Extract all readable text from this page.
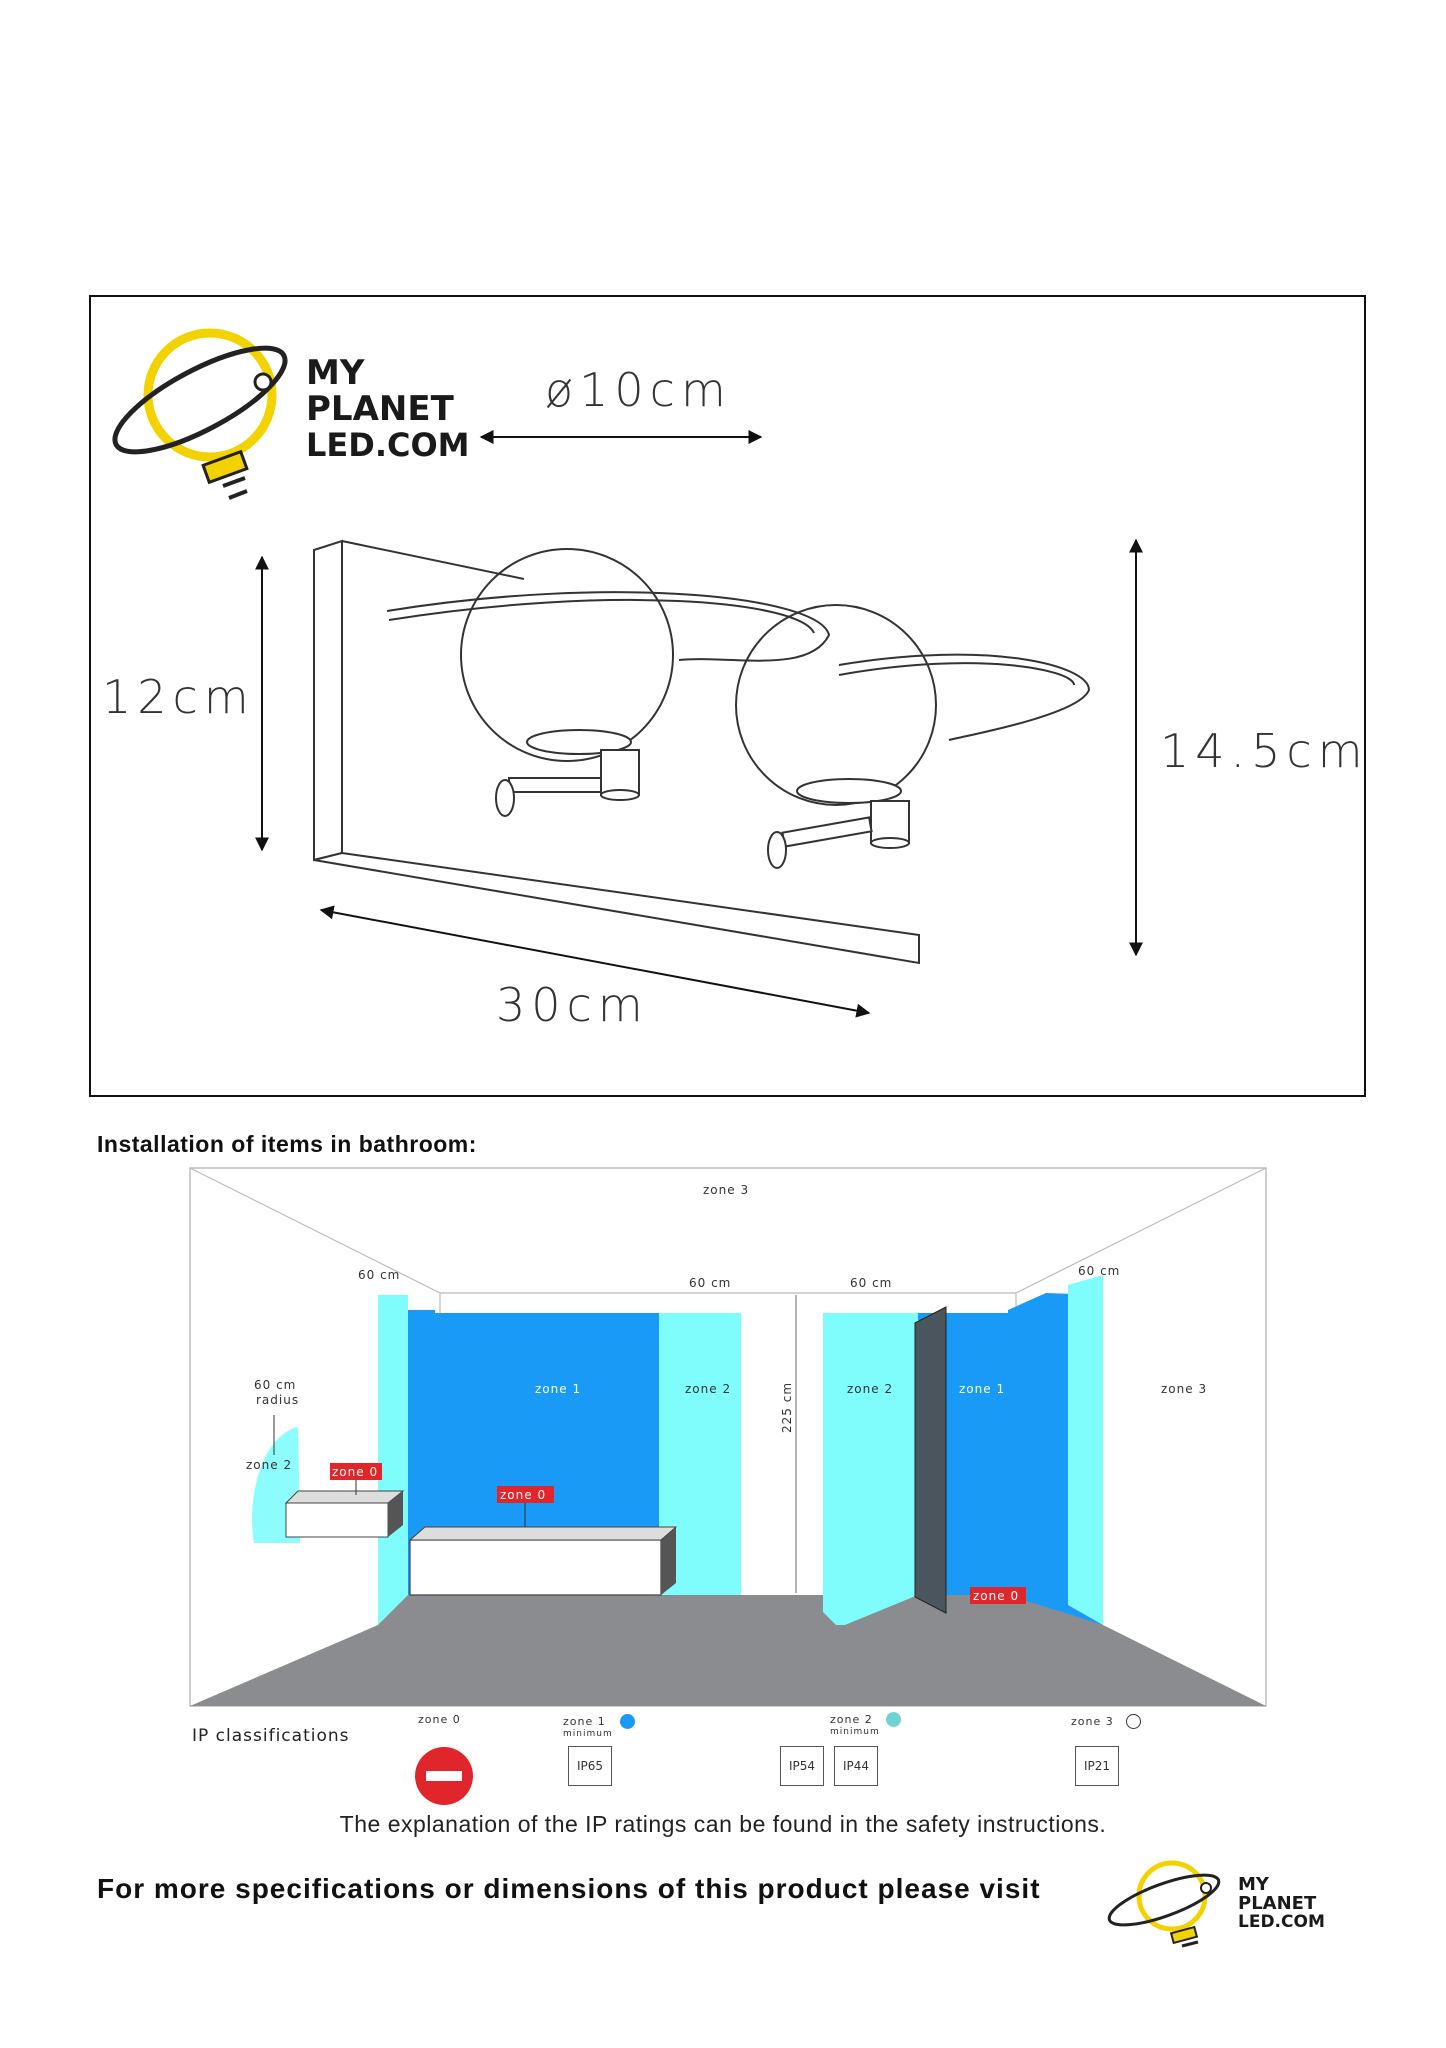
MY
PLANET
LED.COM
ø10cm
12cm
14.5cm
30cm
Installation of items in bathroom:
zone 3
zone 3
zone 1	zone 2	zone 2	zone 1
zone 2	zone 0
zone 0
zone 0
60 cm
60 cm	60 cm
60 cm
60 cm
radius	225 cm
IP classifications
zone 0	zone 1
minimum
IP65
zone 2
minimum
IP54	IP44
zone 3
IP21
The explanation of the IP ratings can be found in the safety instructions.
For more specifications or dimensions of this product please visit	MY
PLANET
LED.COM
